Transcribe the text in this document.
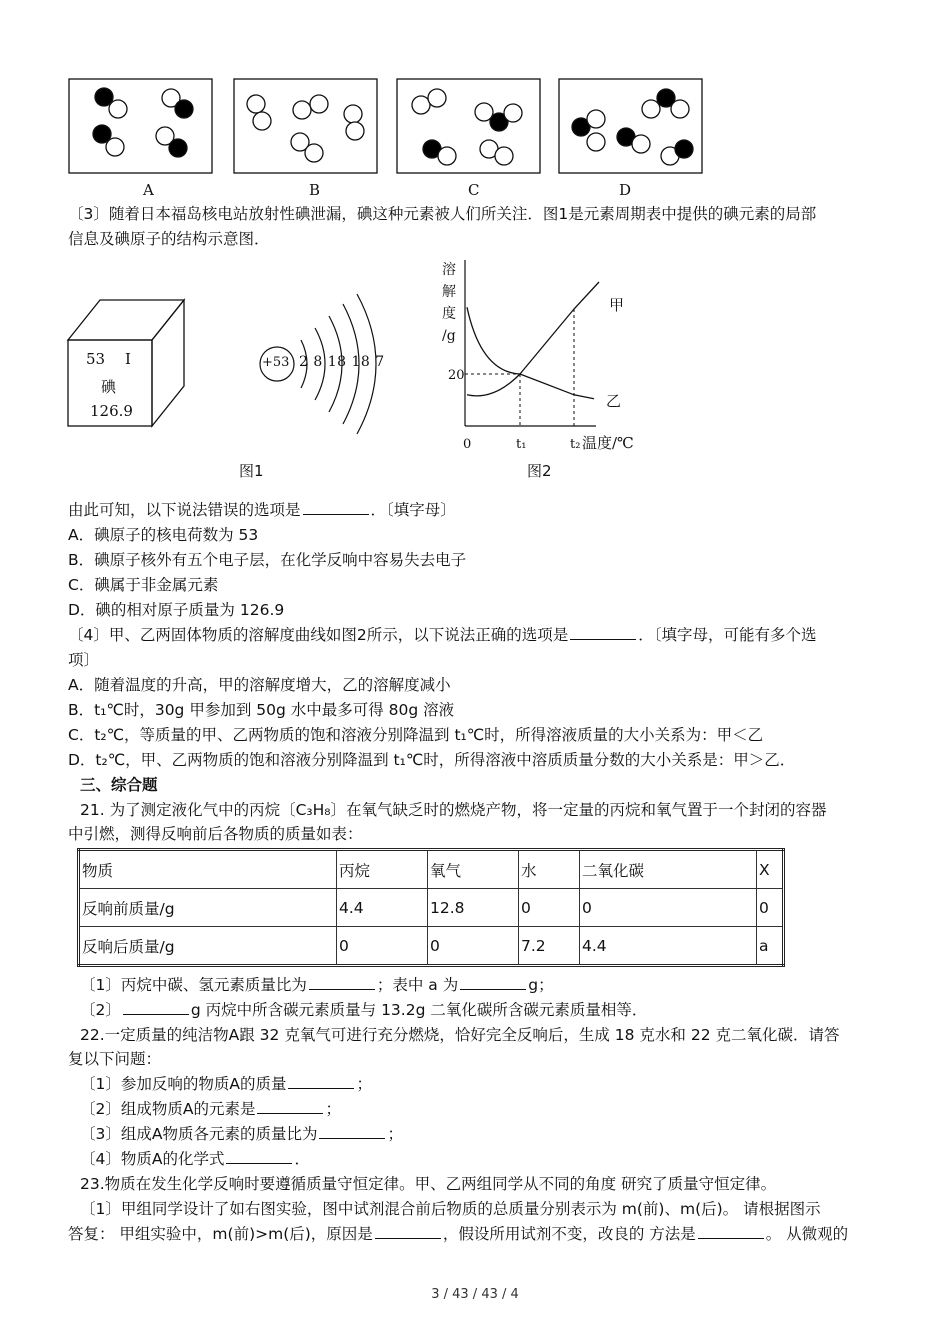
A	B	C	D
〔3〕随着日本福岛核电站放射性碘泄漏，碘这种元素被人们所关注．图1是元素周期表中提供的碘元素的局部
信息及碘原子的结构示意图．
53 I
碘
126.9
+53 2 8 18 18 7
图1
溶解度/g
20
0	t₁	t₂ 温度/℃
甲
乙
图2
由此可知，以下说法错误的选项是	．〔填字母〕
A．碘原子的核电荷数为 53
B．碘原子核外有五个电子层，在化学反响中容易失去电子
C．碘属于非金属元素
D．碘的相对原子质量为 126.9
〔4〕甲、乙两固体物质的溶解度曲线如图2所示，以下说法正确的选项是	．〔填字母，可能有多个选
项〕
A．随着温度的升高，甲的溶解度增大，乙的溶解度减小
B．t₁℃时，30g 甲参加到 50g 水中最多可得 80g 溶液
C．t₂℃，等质量的甲、乙两物质的饱和溶液分别降温到 t₁℃时，所得溶液质量的大小关系为：甲＜乙
D．t₂℃，甲、乙两物质的饱和溶液分别降温到 t₁℃时，所得溶液中溶质质量分数的大小关系是：甲＞乙．
三、综合题
21. 为了测定液化气中的丙烷〔C₃H₈〕在氧气缺乏时的燃烧产物，将一定量的丙烷和氧气置于一个封闭的容器
中引燃，测得反响前后各物质的质量如表：
物质	丙烷	氧气	水	二氧化碳	X
反响前质量/g	4.4	12.8	0	0	0
反响后质量/g	0	0	7.2	4.4	a
〔1〕丙烷中碳、氢元素质量比为	；表中 a 为	g；
〔2〕	g 丙烷中所含碳元素质量与 13.2g 二氧化碳所含碳元素质量相等．
22.一定质量的纯洁物A跟 32 克氧气可进行充分燃烧，恰好完全反响后，生成 18 克水和 22 克二氧化碳．请答
复以下问题：
〔1〕参加反响的物质A的质量	；
〔2〕组成物质A的元素是	；
〔3〕组成A物质各元素的质量比为	；
〔4〕物质A的化学式	．
23.物质在发生化学反响时要遵循质量守恒定律。甲、乙两组同学从不同的角度 研究了质量守恒定律。
〔1〕甲组同学设计了如右图实验，图中试剂混合前后物质的总质量分别表示为 m(前)、m(后)。 请根据图示
答复： 甲组实验中，m(前)>m(后)，原因是	，假设所用试剂不变，改良的 方法是	。 从微观的
3 / 43 / 43 / 4
